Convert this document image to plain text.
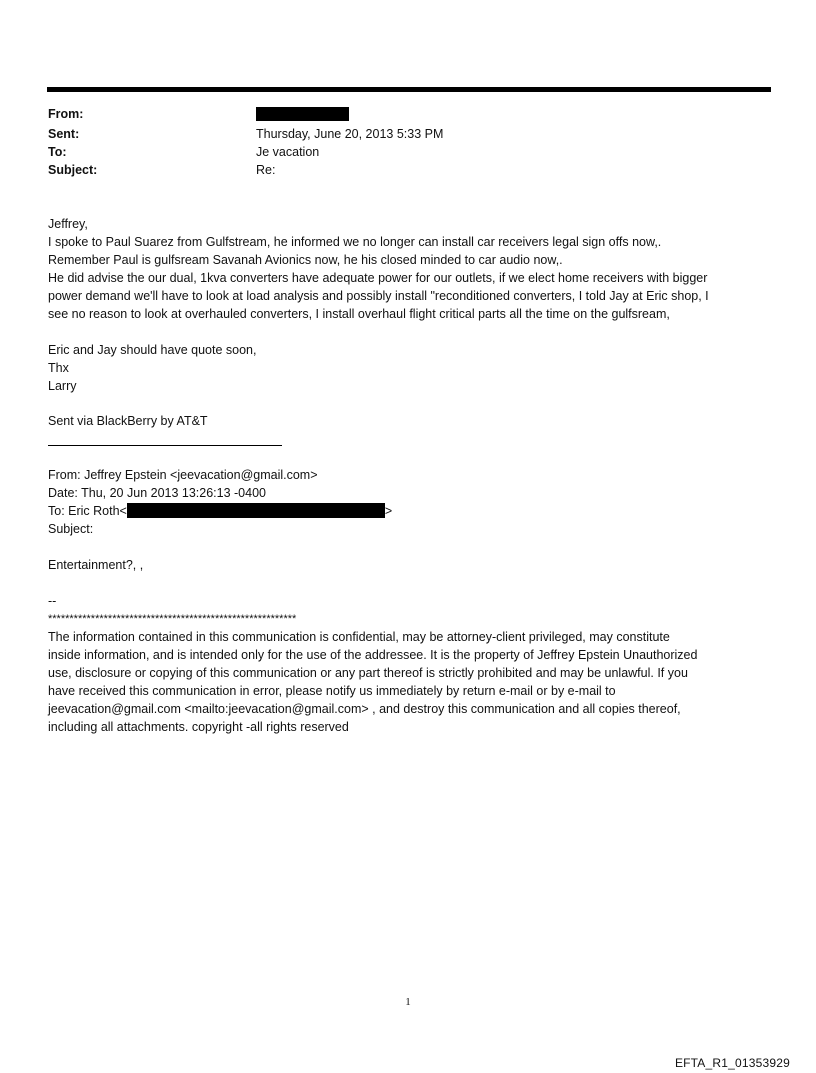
From:
Sent:	Thursday, June 20, 2013 5:33 PM
To:	Je vacation
Subject:	Re:
Jeffrey,
I spoke to Paul Suarez from Gulfstream, he informed we no longer can install car receivers legal sign offs now,.
Remember Paul is gulfsream Savanah Avionics now, he his closed minded to car audio now,.
He did advise the our dual, 1kva converters have adequate power for our outlets, if we elect home receivers with bigger
power demand we'll have to look at load analysis and possibly install "reconditioned converters, I told Jay at Eric shop, I
see no reason to look at overhauled converters, I install overhaul flight critical parts all the time on the gulfsream,
Eric and Jay should have quote soon,
Thx
Larry
Sent via BlackBerry by AT&T
From: Jeffrey Epstein <jeevacation@gmail.com>
Date: Thu, 20 Jun 2013 13:26:13 -0400
To: Eric Roth<	>
Subject:
Entertainment?, ,
--
**********************************************************
The information contained in this communication is confidential, may be attorney-client privileged, may constitute
inside information, and is intended only for the use of the addressee. It is the property of Jeffrey Epstein Unauthorized
use, disclosure or copying of this communication or any part thereof is strictly prohibited and may be unlawful. If you
have received this communication in error, please notify us immediately by return e-mail or by e-mail to
jeevacation@gmail.com <mailto:jeevacation@gmail.com> , and destroy this communication and all copies thereof,
including all attachments. copyright -all rights reserved
1
EFTA_R1_01353929
